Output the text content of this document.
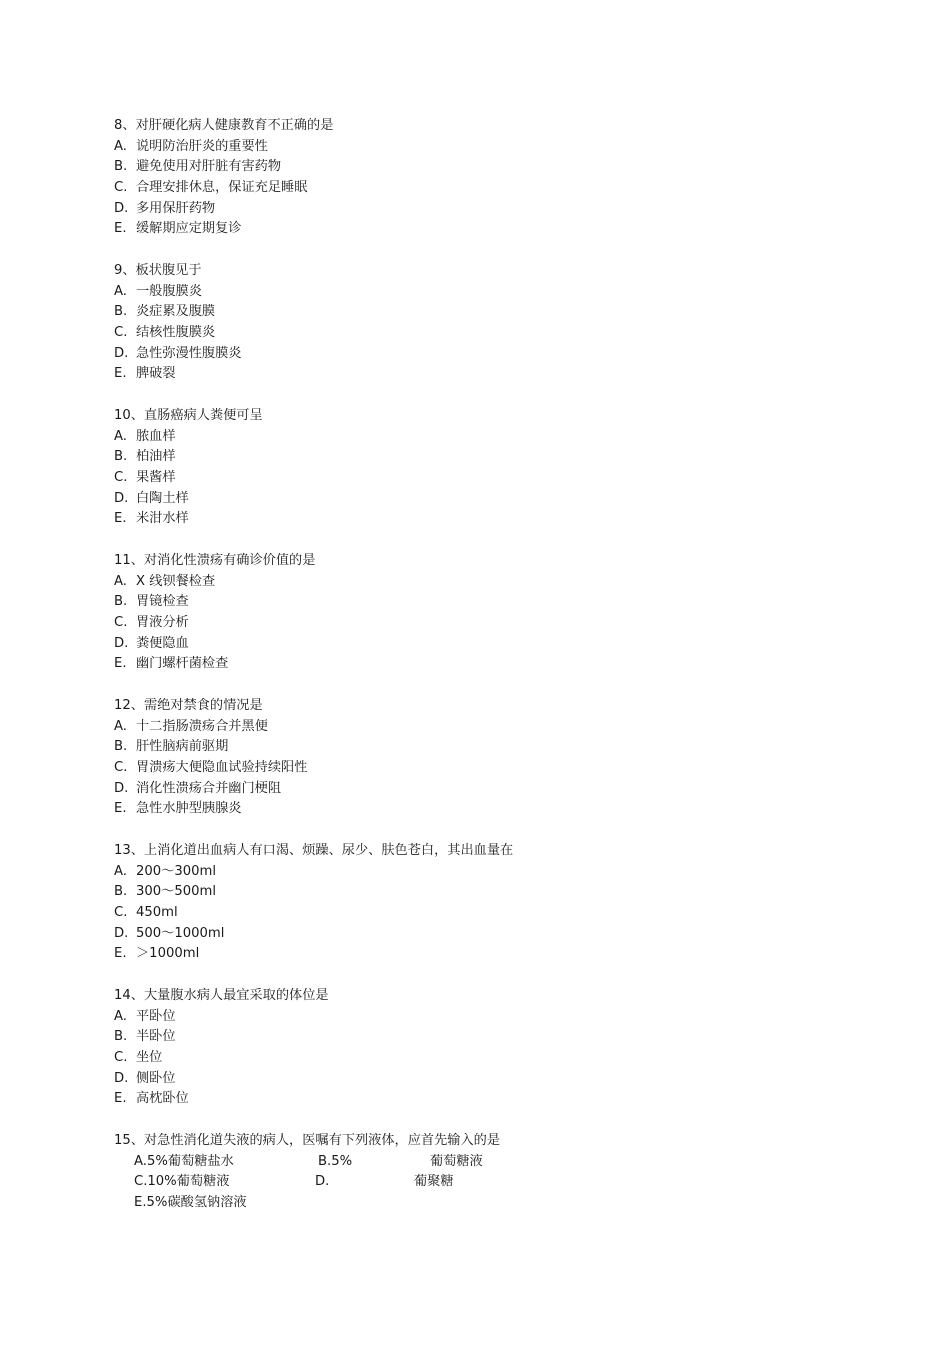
8、对肝硬化病人健康教育不正确的是
A. 说明防治肝炎的重要性
B. 避免使用对肝脏有害药物
C. 合理安排休息，保证充足睡眠
D. 多用保肝药物
E. 缓解期应定期复诊
9、板状腹见于
A. 一般腹膜炎
B. 炎症累及腹膜
C. 结核性腹膜炎
D. 急性弥漫性腹膜炎
E. 脾破裂
10、直肠癌病人粪便可呈
A. 脓血样
B. 柏油样
C. 果酱样
D. 白陶土样
E. 米泔水样
11、对消化性溃疡有确诊价值的是
A. X 线钡餐检查
B. 胃镜检查
C. 胃液分析
D. 粪便隐血
E. 幽门螺杆菌检查
12、需绝对禁食的情况是
A. 十二指肠溃疡合并黑便
B. 肝性脑病前驱期
C. 胃溃疡大便隐血试验持续阳性
D. 消化性溃疡合并幽门梗阻
E. 急性水肿型胰腺炎
13、上消化道出血病人有口渴、烦躁、尿少、肤色苍白，其出血量在
A. 200～300ml
B. 300～500ml
C. 450ml
D. 500～1000ml
E. ＞1000ml
14、大量腹水病人最宜采取的体位是
A. 平卧位
B. 半卧位
C. 坐位
D. 侧卧位
E. 高枕卧位
15、对急性消化道失液的病人，医嘱有下列液体，应首先输入的是
A.5%葡萄糖盐水	B.5%	葡萄糖液
C.10%葡萄糖液	D.	葡聚糖
E.5%碳酸氢钠溶液
